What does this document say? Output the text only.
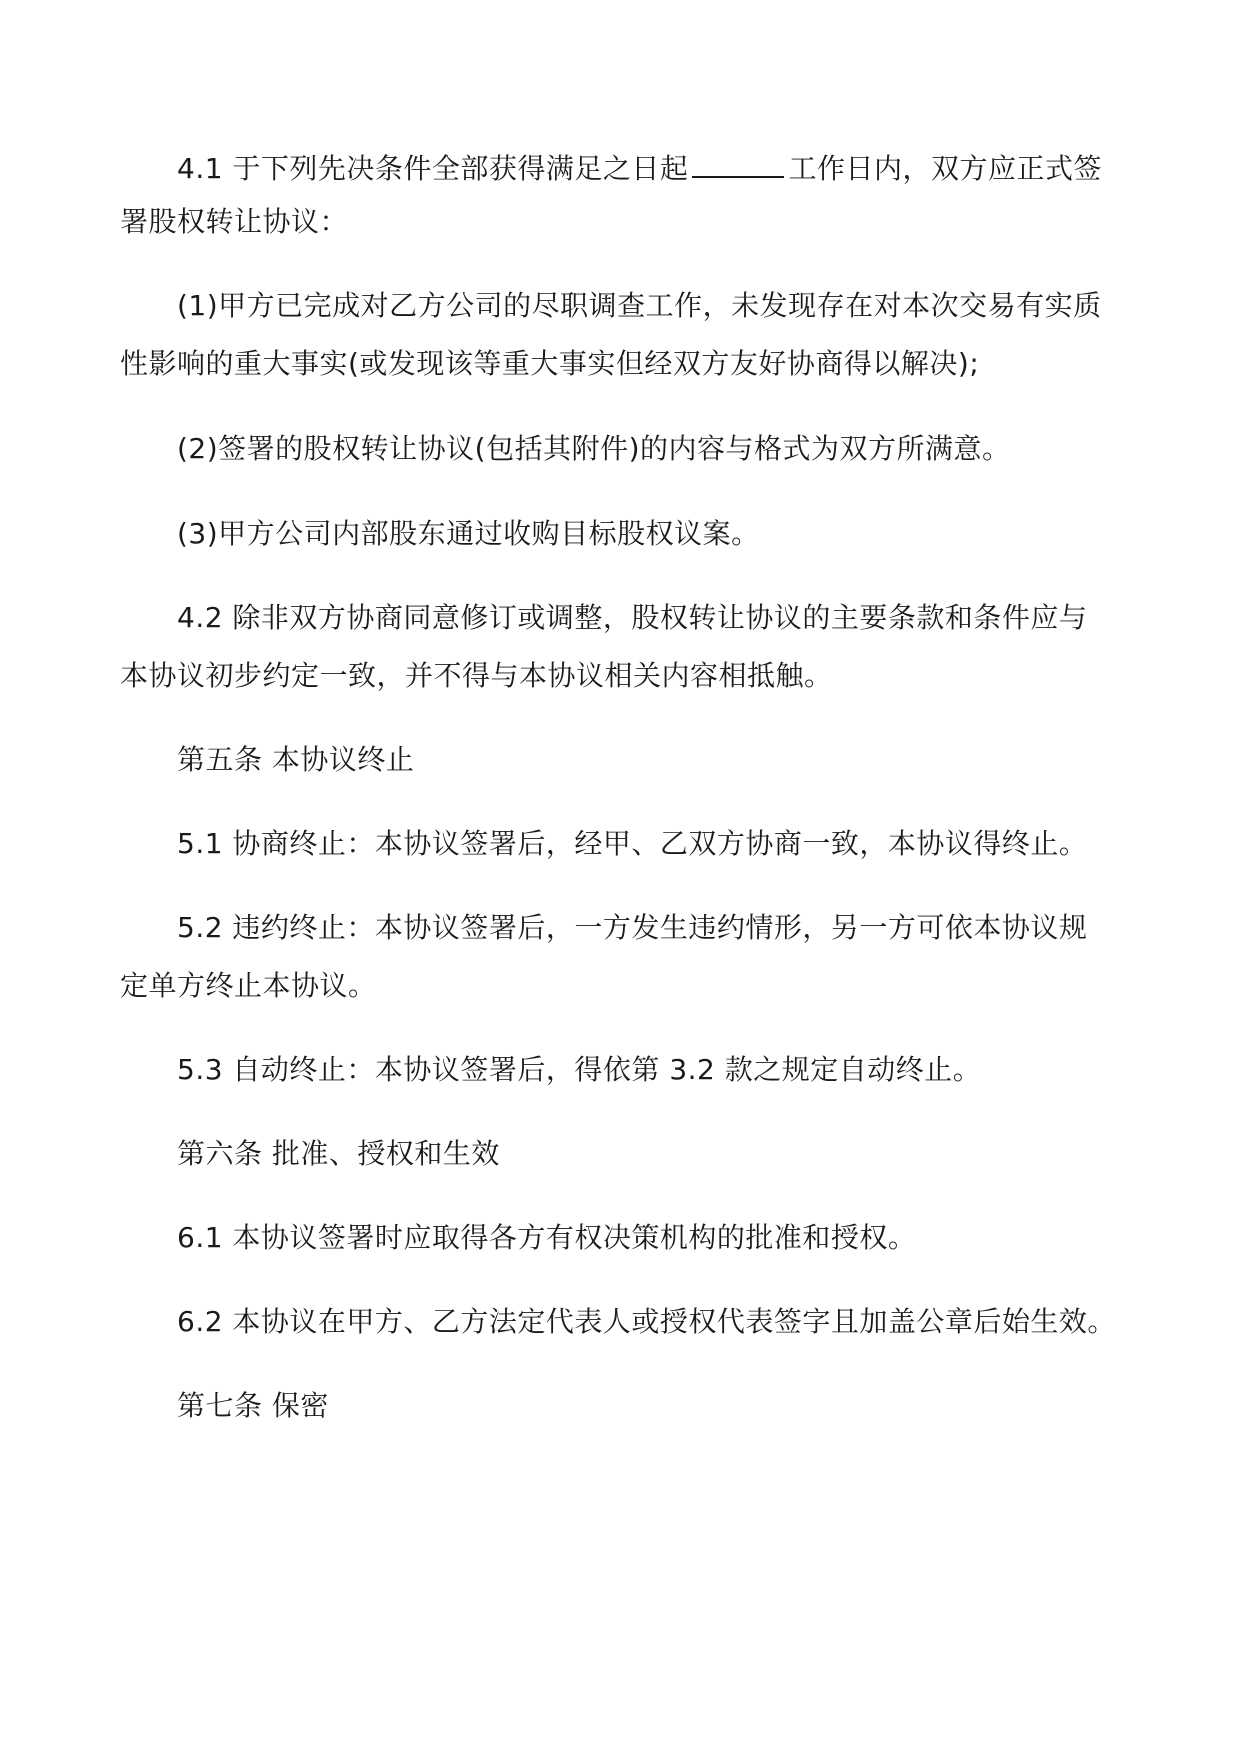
4.1 于下列先决条件全部获得满足之日起	工作日内，双方应正式签

署股权转让协议：

(1)甲方已完成对乙方公司的尽职调查工作，未发现存在对本次交易有实质

性影响的重大事实(或发现该等重大事实但经双方友好协商得以解决);

(2)签署的股权转让协议(包括其附件)的内容与格式为双方所满意。

(3)甲方公司内部股东通过收购目标股权议案。

4.2 除非双方协商同意修订或调整，股权转让协议的主要条款和条件应与

本协议初步约定一致，并不得与本协议相关内容相抵触。

第五条 本协议终止

5.1 协商终止：本协议签署后，经甲、乙双方协商一致，本协议得终止。

5.2 违约终止：本协议签署后，一方发生违约情形，另一方可依本协议规

定单方终止本协议。

5.3 自动终止：本协议签署后，得依第 3.2 款之规定自动终止。

第六条 批准、授权和生效

6.1 本协议签署时应取得各方有权决策机构的批准和授权。

6.2 本协议在甲方、乙方法定代表人或授权代表签字且加盖公章后始生效。

第七条 保密
